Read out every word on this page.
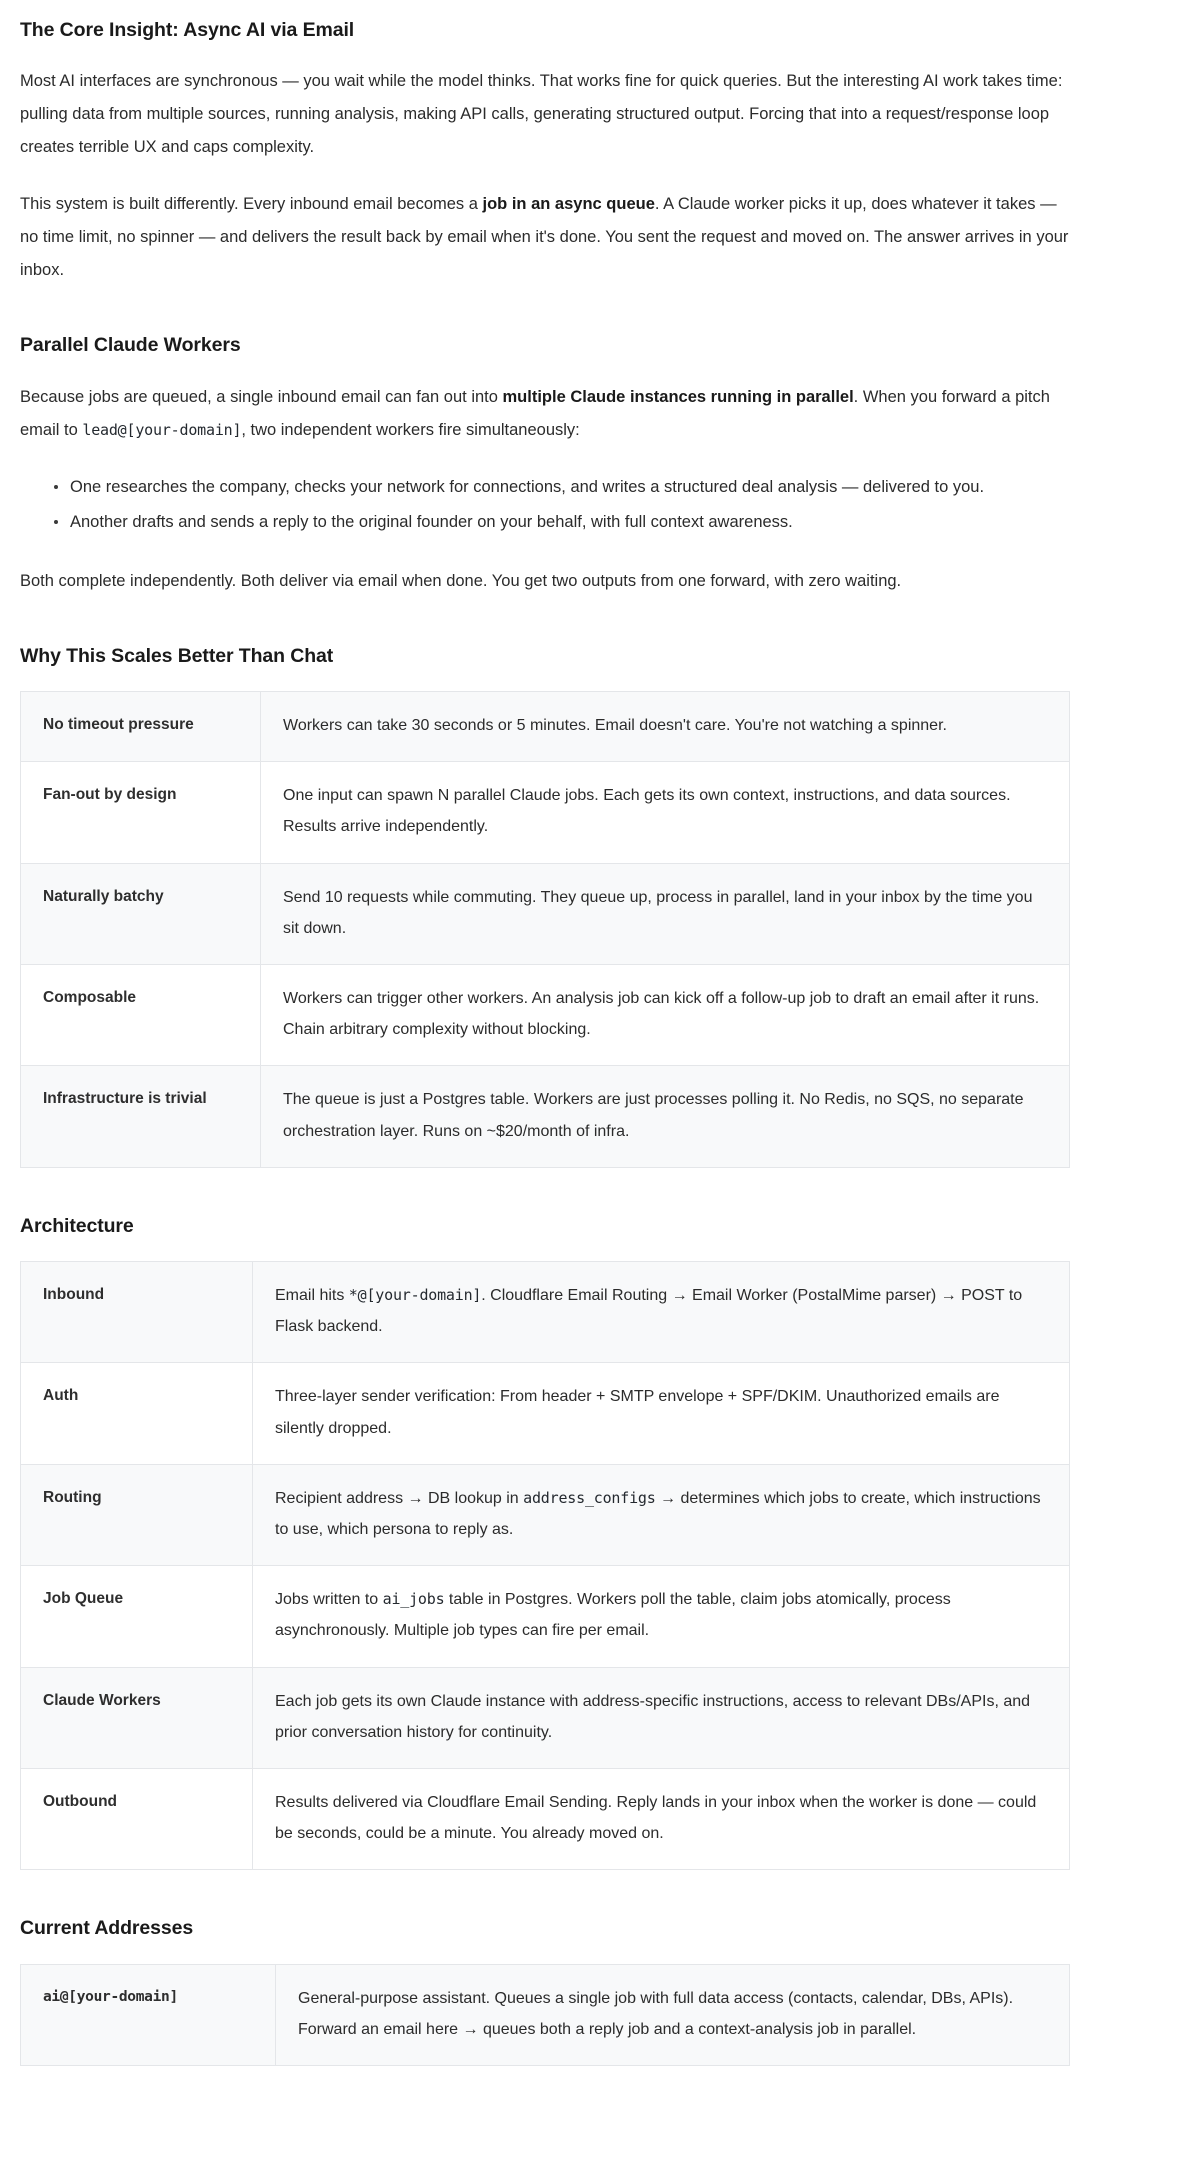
The Core Insight: Async AI via Email

Most AI interfaces are synchronous — you wait while the model thinks. That works fine for quick queries. But the interesting AI work takes time: pulling data from multiple sources, running analysis, making API calls, generating structured output. Forcing that into a request/response loop creates terrible UX and caps complexity.

This system is built differently. Every inbound email becomes a job in an async queue. A Claude worker picks it up, does whatever it takes — no time limit, no spinner — and delivers the result back by email when it's done. You sent the request and moved on. The answer arrives in your inbox.

Parallel Claude Workers

Because jobs are queued, a single inbound email can fan out into multiple Claude instances running in parallel. When you forward a pitch email to lead@[your-domain], two independent workers fire simultaneously:

One researches the company, checks your network for connections, and writes a structured deal analysis — delivered to you.
Another drafts and sends a reply to the original founder on your behalf, with full context awareness.

Both complete independently. Both deliver via email when done. You get two outputs from one forward, with zero waiting.

Why This Scales Better Than Chat
No timeout pressure	Workers can take 30 seconds or 5 minutes. Email doesn't care. You're not watching a spinner.
Fan-out by design	One input can spawn N parallel Claude jobs. Each gets its own context, instructions, and data sources. Results arrive independently.
Naturally batchy	Send 10 requests while commuting. They queue up, process in parallel, land in your inbox by the time you sit down.
Composable	Workers can trigger other workers. An analysis job can kick off a follow-up job to draft an email after it runs. Chain arbitrary complexity without blocking.
Infrastructure is trivial	The queue is just a Postgres table. Workers are just processes polling it. No Redis, no SQS, no separate orchestration layer. Runs on ~$20/month of infra.
Architecture
Inbound	Email hits *@[your-domain]. Cloudflare Email Routing → Email Worker (PostalMime parser) → POST to Flask backend.
Auth	Three-layer sender verification: From header + SMTP envelope + SPF/DKIM. Unauthorized emails are silently dropped.
Routing	Recipient address → DB lookup in address_configs → determines which jobs to create, which instructions to use, which persona to reply as.
Job Queue	Jobs written to ai_jobs table in Postgres. Workers poll the table, claim jobs atomically, process asynchronously. Multiple job types can fire per email.
Claude Workers	Each job gets its own Claude instance with address-specific instructions, access to relevant DBs/APIs, and prior conversation history for continuity.
Outbound	Results delivered via Cloudflare Email Sending. Reply lands in your inbox when the worker is done — could be seconds, could be a minute. You already moved on.
Current Addresses
ai@[your-domain]	General-purpose assistant. Queues a single job with full data access (contacts, calendar, DBs, APIs). Forward an email here → queues both a reply job and a context-analysis job in parallel.
